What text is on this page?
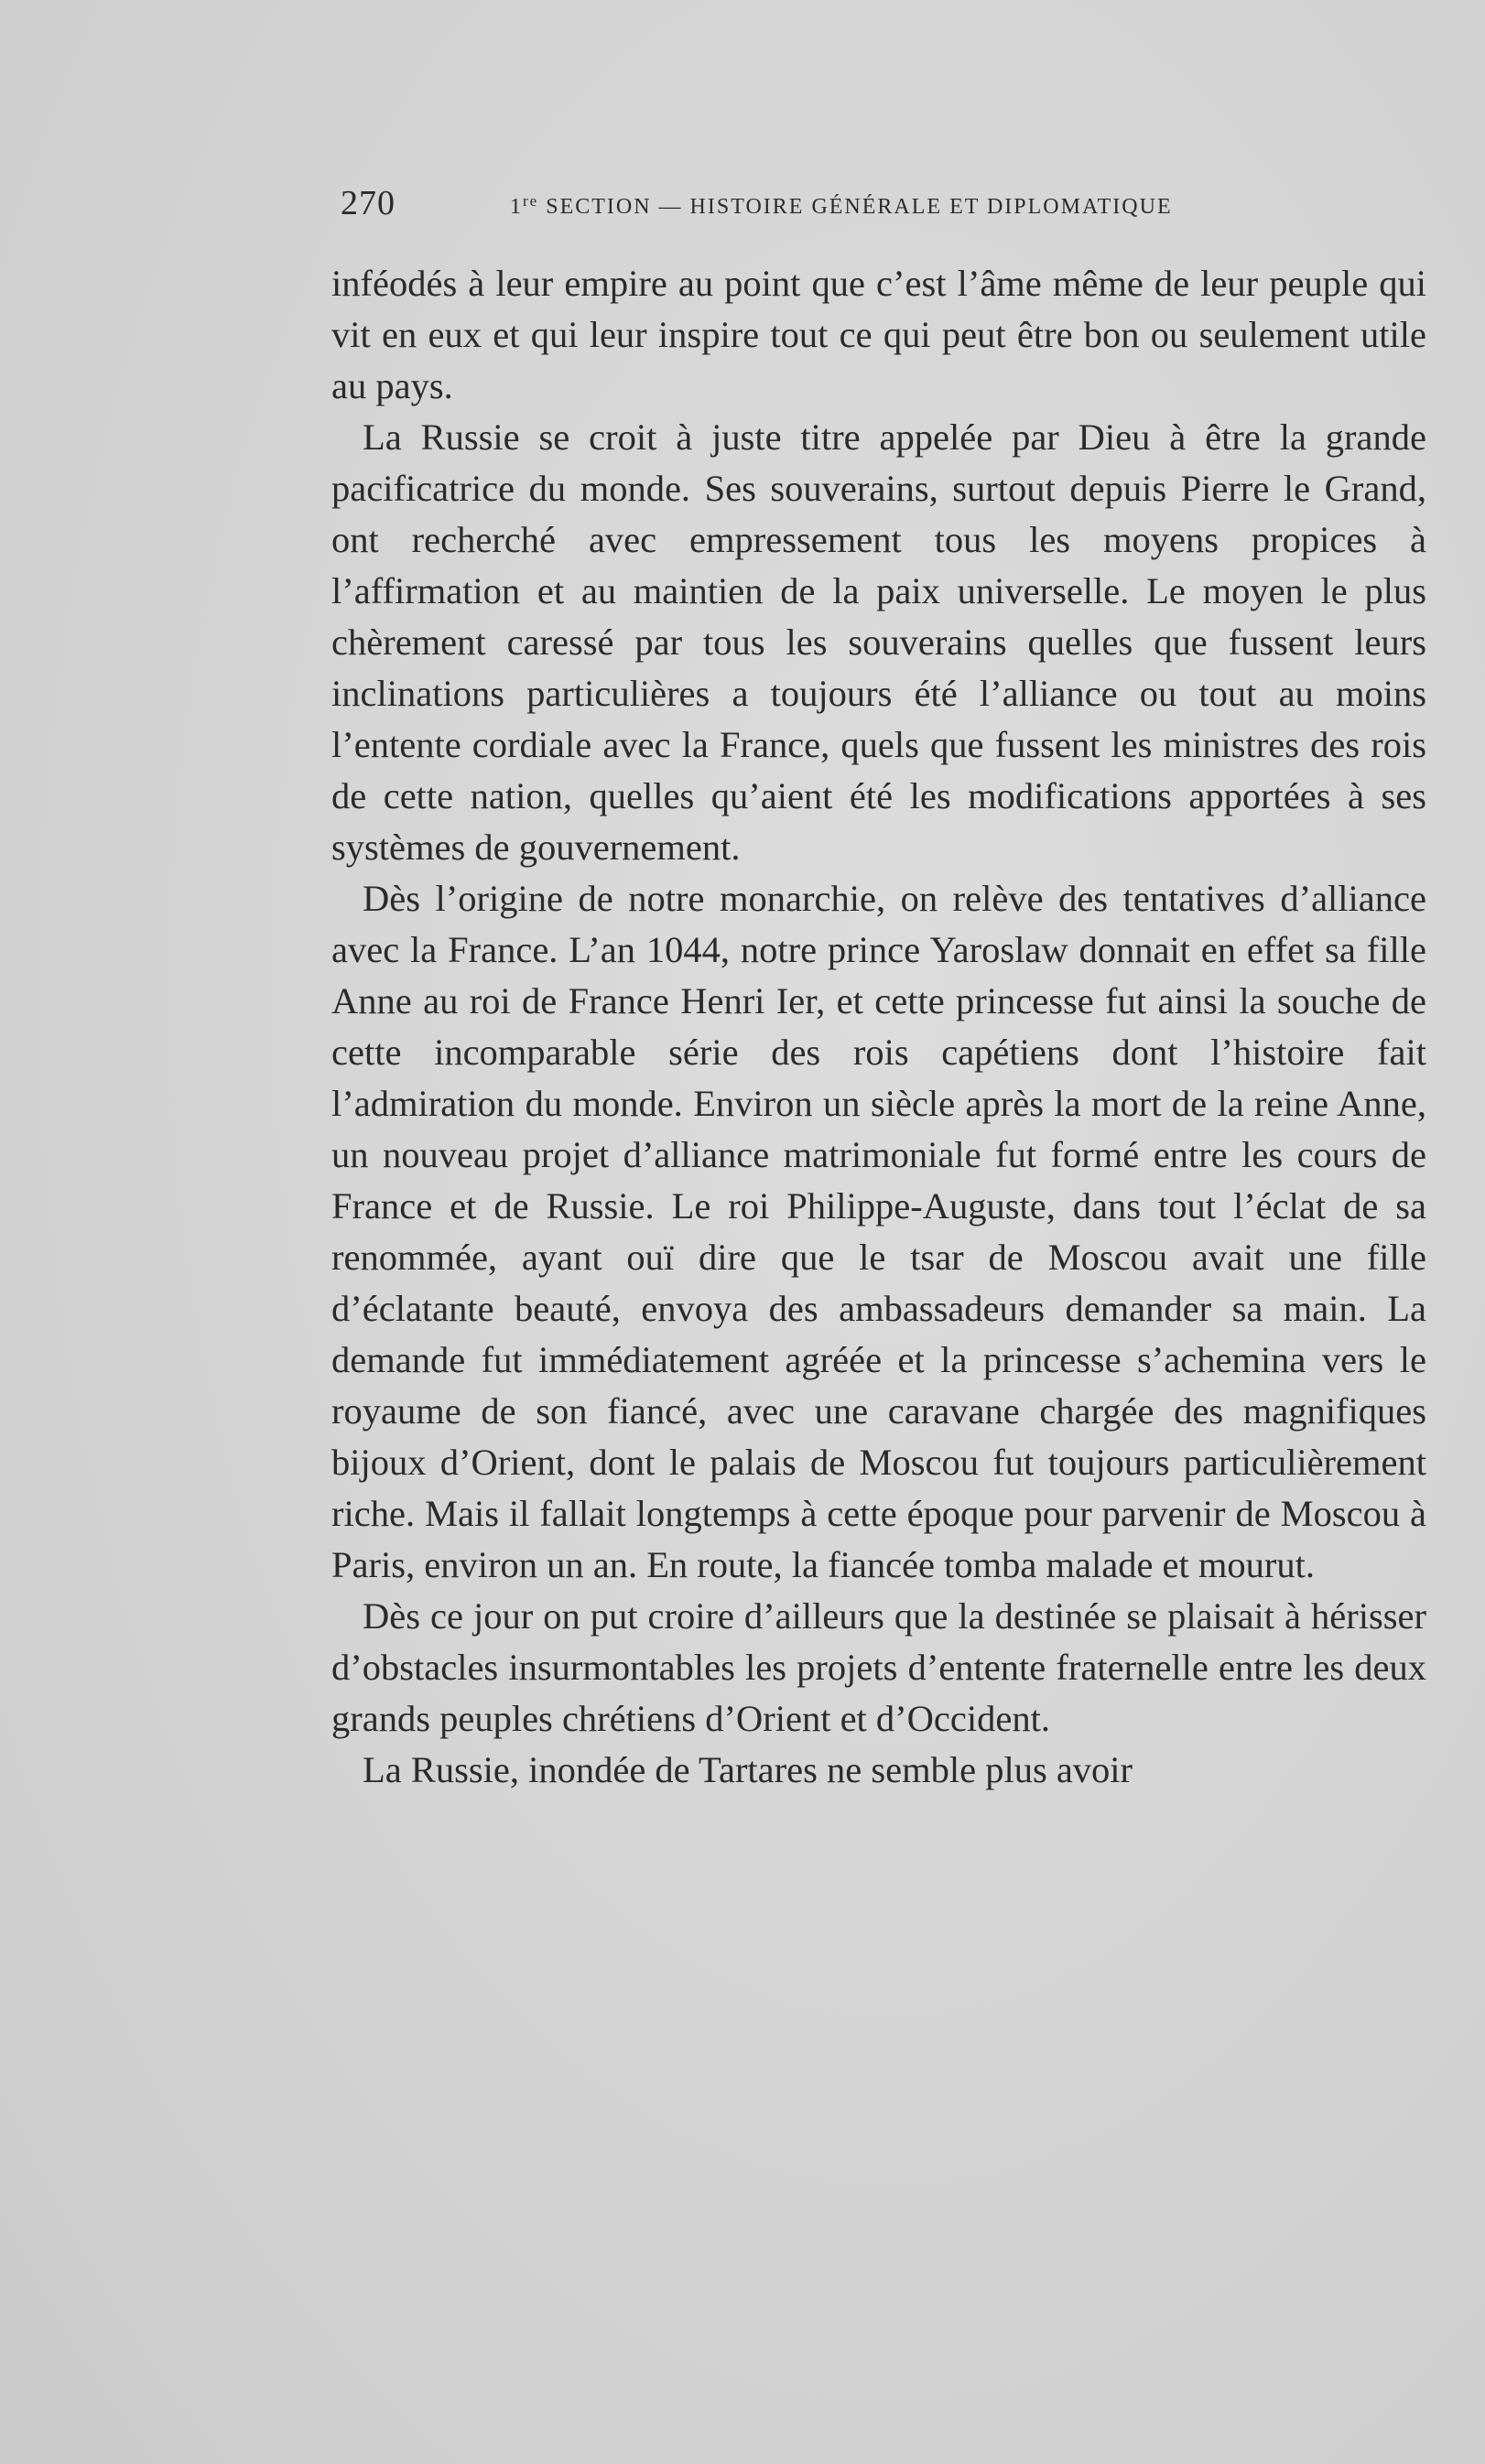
270	1re SECTION — HISTOIRE GÉNÉRALE ET DIPLOMATIQUE

inféodés à leur empire au point que c’est l’âme même de leur peuple qui vit en eux et qui leur inspire tout ce qui peut être bon ou seulement utile au pays.

La Russie se croit à juste titre appelée par Dieu à être la grande pacificatrice du monde. Ses souverains, surtout depuis Pierre le Grand, ont recherché avec empressement tous les moyens propices à l’affirmation et au maintien de la paix universelle. Le moyen le plus chèrement caressé par tous les souverains quelles que fussent leurs inclinations particulières a toujours été l’alliance ou tout au moins l’entente cordiale avec la France, quels que fussent les ministres des rois de cette nation, quelles qu’aient été les modifications apportées à ses systèmes de gouvernement.

Dès l’origine de notre monarchie, on relève des tentatives d’alliance avec la France. L’an 1044, notre prince Yaroslaw donnait en effet sa fille Anne au roi de France Henri Ier, et cette princesse fut ainsi la souche de cette incomparable série des rois capétiens dont l’histoire fait l’admiration du monde. Environ un siècle après la mort de la reine Anne, un nouveau projet d’alliance matrimoniale fut formé entre les cours de France et de Russie. Le roi Philippe-Auguste, dans tout l’éclat de sa renommée, ayant ouï dire que le tsar de Moscou avait une fille d’éclatante beauté, envoya des ambassadeurs demander sa main. La demande fut immédiatement agréée et la princesse s’achemina vers le royaume de son fiancé, avec une caravane chargée des magnifiques bijoux d’Orient, dont le palais de Moscou fut toujours particulièrement riche. Mais il fallait longtemps à cette époque pour parvenir de Moscou à Paris, environ un an. En route, la fiancée tomba malade et mourut.

Dès ce jour on put croire d’ailleurs que la destinée se plaisait à hérisser d’obstacles insurmontables les projets d’entente fraternelle entre les deux grands peuples chrétiens d’Orient et d’Occident.

La Russie, inondée de Tartares ne semble plus avoir
